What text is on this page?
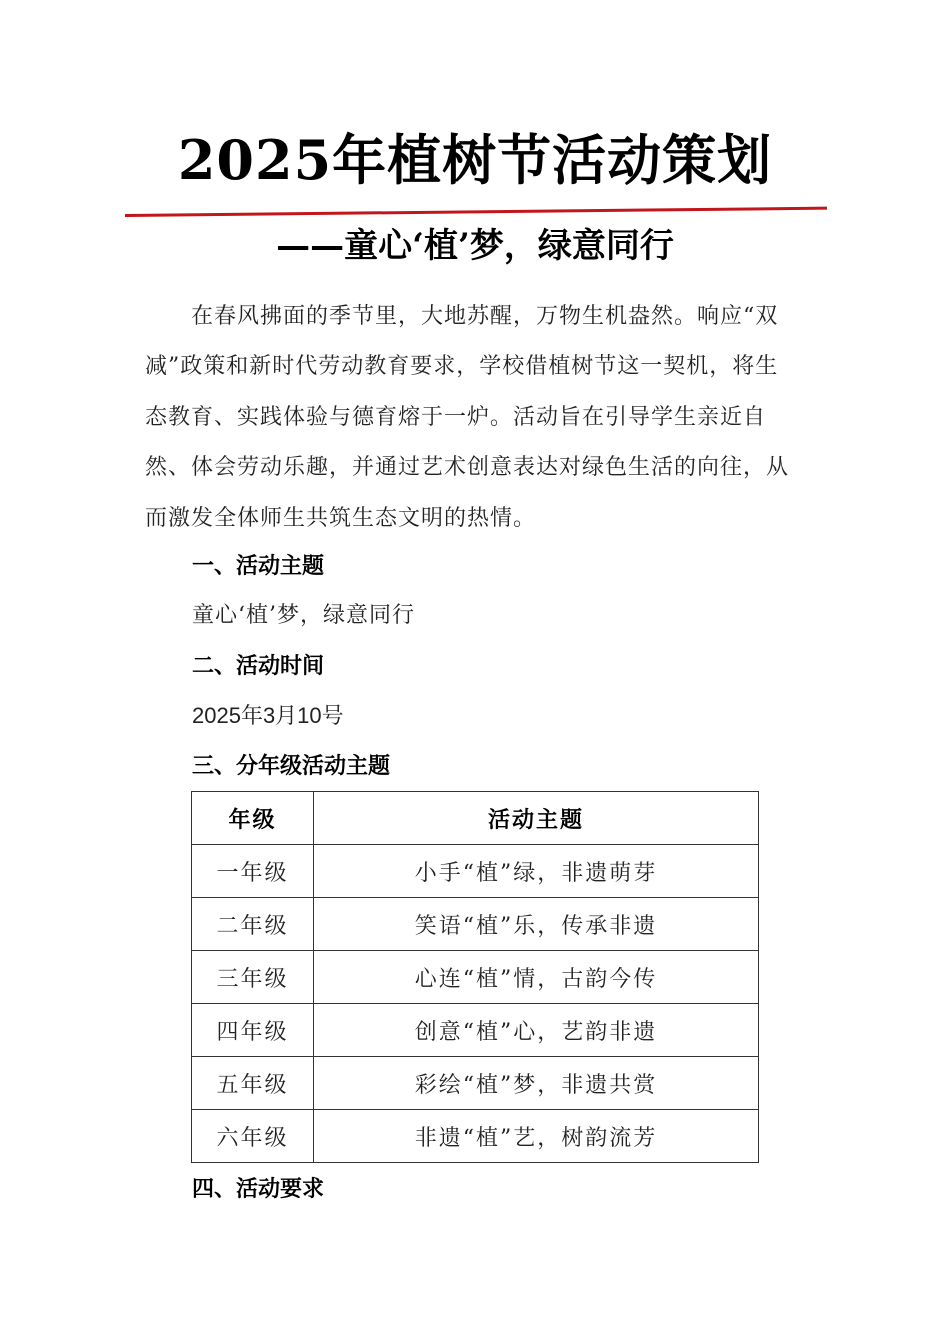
2025年植树节活动策划
——童心‘植’梦，绿意同行
在春风拂面的季节里，大地苏醒，万物生机盎然。响应“双减”政策和新时代劳动教育要求，学校借植树节这一契机，将生态教育、实践体验与德育熔于一炉。活动旨在引导学生亲近自然、体会劳动乐趣，并通过艺术创意表达对绿色生活的向往，从而激发全体师生共筑生态文明的热情。
一、活动主题
童心‘植’梦，绿意同行
二、活动时间
2025年3月10号
三、分年级活动主题
年级	活动主题
一年级	小手“植”绿，非遗萌芽
二年级	笑语“植”乐，传承非遗
三年级	心连“植”情，古韵今传
四年级	创意“植”心，艺韵非遗
五年级	彩绘“植”梦，非遗共赏
六年级	非遗“植”艺，树韵流芳
四、活动要求
